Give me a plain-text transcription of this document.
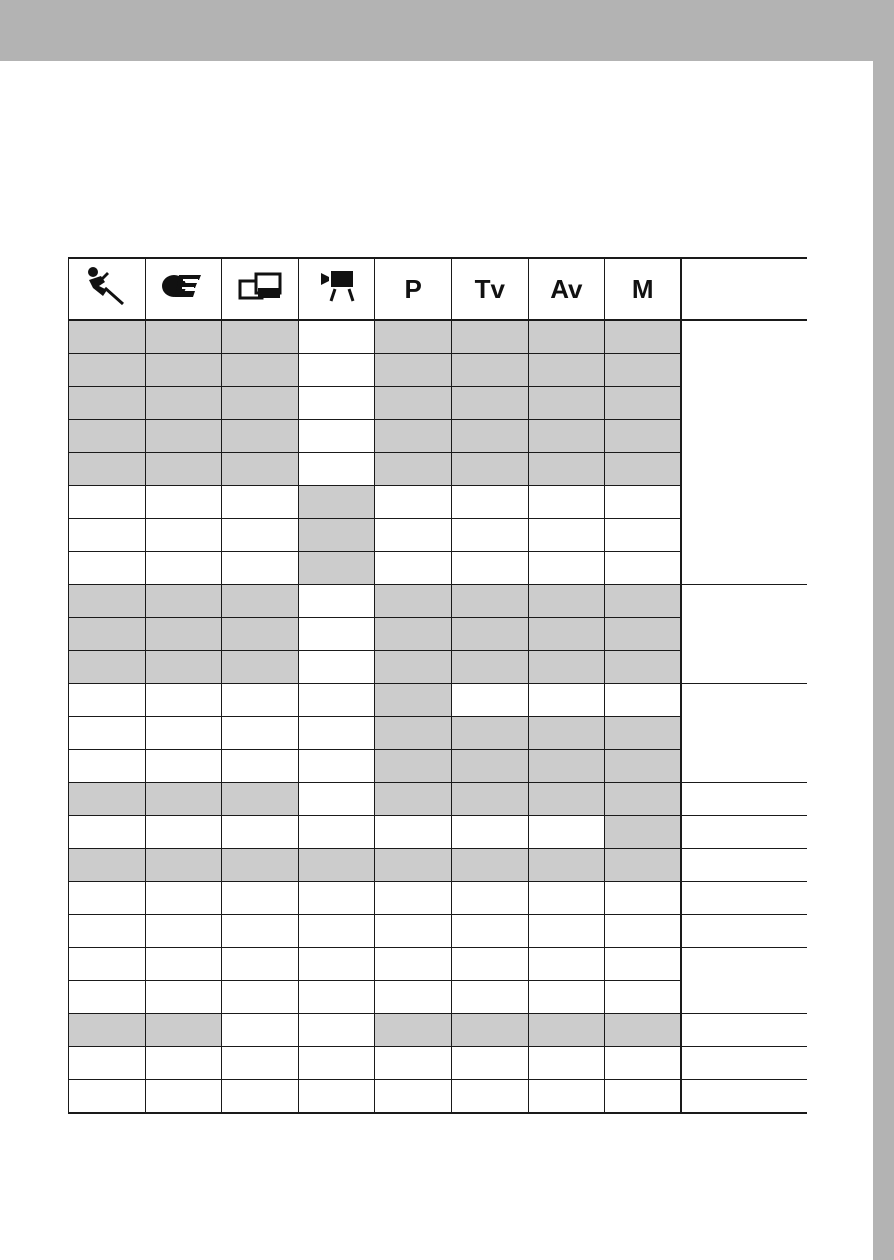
				P	Tv	Av	M	
